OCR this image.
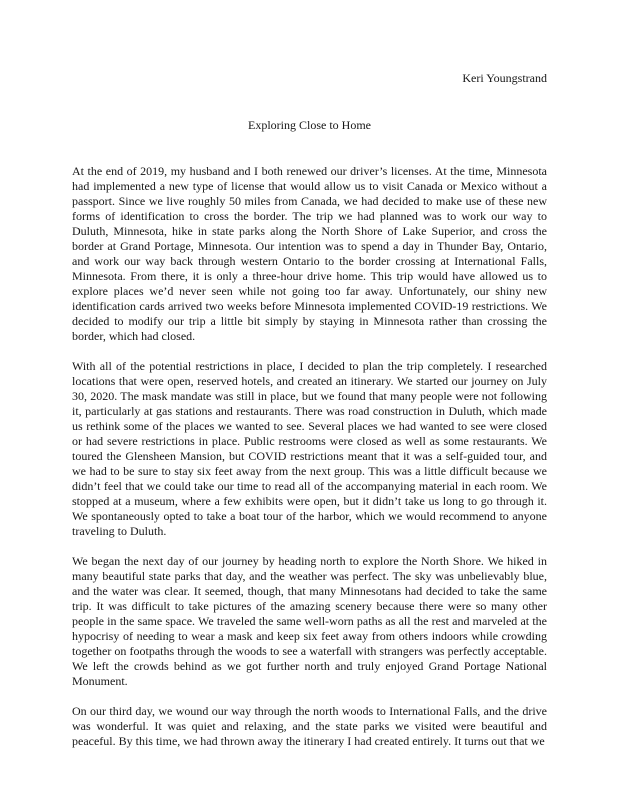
Keri Youngstrand
Exploring Close to Home

At the end of 2019, my husband and I both renewed our driver’s licenses. At the time, Minnesota had implemented a new type of license that would allow us to visit Canada or Mexico without a passport. Since we live roughly 50 miles from Canada, we had decided to make use of these new forms of identification to cross the border. The trip we had planned was to work our way to Duluth, Minnesota, hike in state parks along the North Shore of Lake Superior, and cross the border at Grand Portage, Minnesota. Our intention was to spend a day in Thunder Bay, Ontario, and work our way back through western Ontario to the border crossing at International Falls, Minnesota. From there, it is only a three-hour drive home. This trip would have allowed us to explore places we’d never seen while not going too far away. Unfortunately, our shiny new identification cards arrived two weeks before Minnesota implemented COVID-19 restrictions. We decided to modify our trip a little bit simply by staying in Minnesota rather than crossing the border, which had closed.

With all of the potential restrictions in place, I decided to plan the trip completely. I researched locations that were open, reserved hotels, and created an itinerary. We started our journey on July 30, 2020. The mask mandate was still in place, but we found that many people were not following it, particularly at gas stations and restaurants. There was road construction in Duluth, which made us rethink some of the places we wanted to see. Several places we had wanted to see were closed or had severe restrictions in place. Public restrooms were closed as well as some restaurants. We toured the Glensheen Mansion, but COVID restrictions meant that it was a self-guided tour, and we had to be sure to stay six feet away from the next group. This was a little difficult because we didn’t feel that we could take our time to read all of the accompanying material in each room. We stopped at a museum, where a few exhibits were open, but it didn’t take us long to go through it. We spontaneously opted to take a boat tour of the harbor, which we would recommend to anyone traveling to Duluth.

We began the next day of our journey by heading north to explore the North Shore. We hiked in many beautiful state parks that day, and the weather was perfect. The sky was unbelievably blue, and the water was clear. It seemed, though, that many Minnesotans had decided to take the same trip. It was difficult to take pictures of the amazing scenery because there were so many other people in the same space. We traveled the same well-worn paths as all the rest and marveled at the hypocrisy of needing to wear a mask and keep six feet away from others indoors while crowding together on footpaths through the woods to see a waterfall with strangers was perfectly acceptable. We left the crowds behind as we got further north and truly enjoyed Grand Portage National Monument.

On our third day, we wound our way through the north woods to International Falls, and the drive was wonderful. It was quiet and relaxing, and the state parks we visited were beautiful and peaceful. By this time, we had thrown away the itinerary I had created entirely. It turns out that we
